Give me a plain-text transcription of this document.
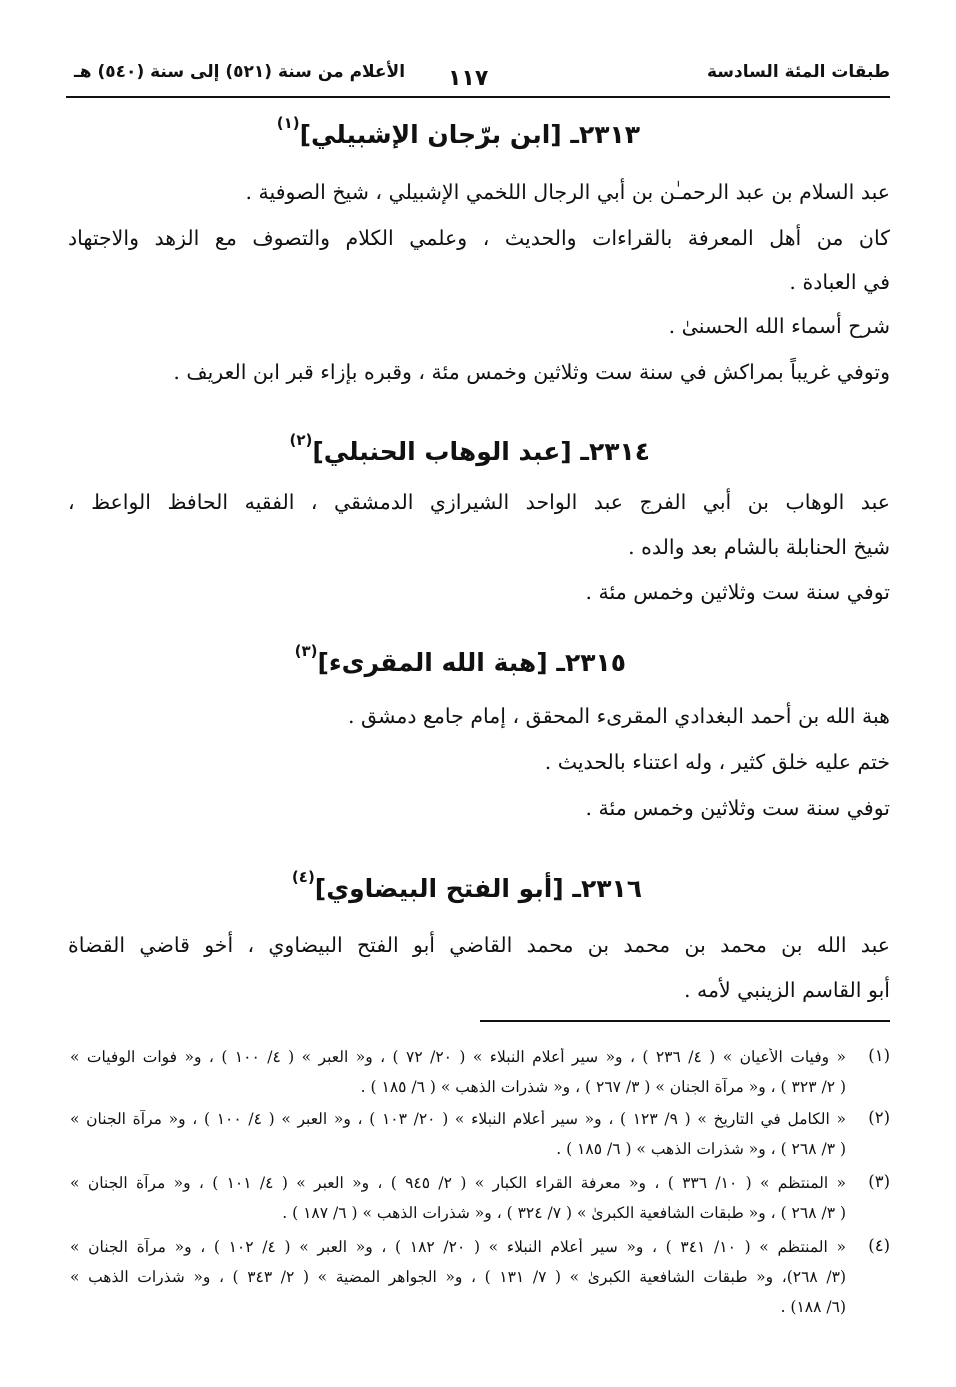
طبقات المئة السادسة
١١٧
الأعلام من سنة (٥٢١) إلى سنة (٥٤٠) هـ
٢٣١٣ـ [ابن برّجان الإشبيلي]$^{(١)}$
عبد السلام بن عبد الرحمـٰن بن أبي الرجال اللخمي الإشبيلي ، شيخ الصوفية .
كان من أهل المعرفة بالقراءات والحديث ، وعلمي الكلام والتصوف مع الزهد والاجتهاد
في العبادة .
شرح أسماء الله الحسنىٰ .
وتوفي غريباً بمراكش في سنة ست وثلاثين وخمس مئة ، وقبره بإزاء قبر ابن العريف .
٢٣١٤ـ [عبد الوهاب الحنبلي]$^{(٢)}$
عبد الوهاب بن أبي الفرج عبد الواحد الشيرازي الدمشقي ، الفقيه الحافظ الواعظ ،
شيخ الحنابلة بالشام بعد والده .
توفي سنة ست وثلاثين وخمس مئة .
٢٣١٥ـ [هبة الله المقرىء]$^{(٣)}$
هبة الله بن أحمد البغدادي المقرىء المحقق ، إمام جامع دمشق .
ختم عليه خلق كثير ، وله اعتناء بالحديث .
توفي سنة ست وثلاثين وخمس مئة .
٢٣١٦ـ [أبو الفتح البيضاوي]$^{(٤)}$
عبد الله بن محمد بن محمد بن محمد القاضي أبو الفتح البيضاوي ، أخو قاضي القضاة
أبو القاسم الزينبي لأمه .
(١)
« وفيات الأعيان » ( ٤/ ٢٣٦ ) ، و« سير أعلام النبلاء » ( ٢٠/ ٧٢ ) ، و« العبر » ( ٤/ ١٠٠ ) ، و« فوات الوفيات »
( ٢/ ٣٢٣ ) ، و« مرآة الجنان » ( ٣/ ٢٦٧ ) ، و« شذرات الذهب » ( ٦/ ١٨٥ ) .
(٢)
« الكامل في التاريخ » ( ٩/ ١٢٣ ) ، و« سير أعلام النبلاء » ( ٢٠/ ١٠٣ ) ، و« العبر » ( ٤/ ١٠٠ ) ، و« مرآة الجنان »
( ٣/ ٢٦٨ ) ، و« شذرات الذهب » ( ٦/ ١٨٥ ) .
(٣)
« المنتظم » ( ١٠/ ٣٣٦ ) ، و« معرفة القراء الكبار » ( ٢/ ٩٤٥ ) ، و« العبر » ( ٤/ ١٠١ ) ، و« مرآة الجنان »
( ٣/ ٢٦٨ ) ، و« طبقات الشافعية الكبرىٰ » ( ٧/ ٣٢٤ ) ، و« شذرات الذهب » ( ٦/ ١٨٧ ) .
(٤)
« المنتظم » ( ١٠/ ٣٤١ ) ، و« سير أعلام النبلاء » ( ٢٠/ ١٨٢ ) ، و« العبر » ( ٤/ ١٠٢ ) ، و« مرآة الجنان »
(٣/ ٢٦٨)، و« طبقات الشافعية الكبرىٰ » ( ٧/ ١٣١ ) ، و« الجواهر المضية » ( ٢/ ٣٤٣ ) ، و« شذرات الذهب »
(٦/ ١٨٨) .
